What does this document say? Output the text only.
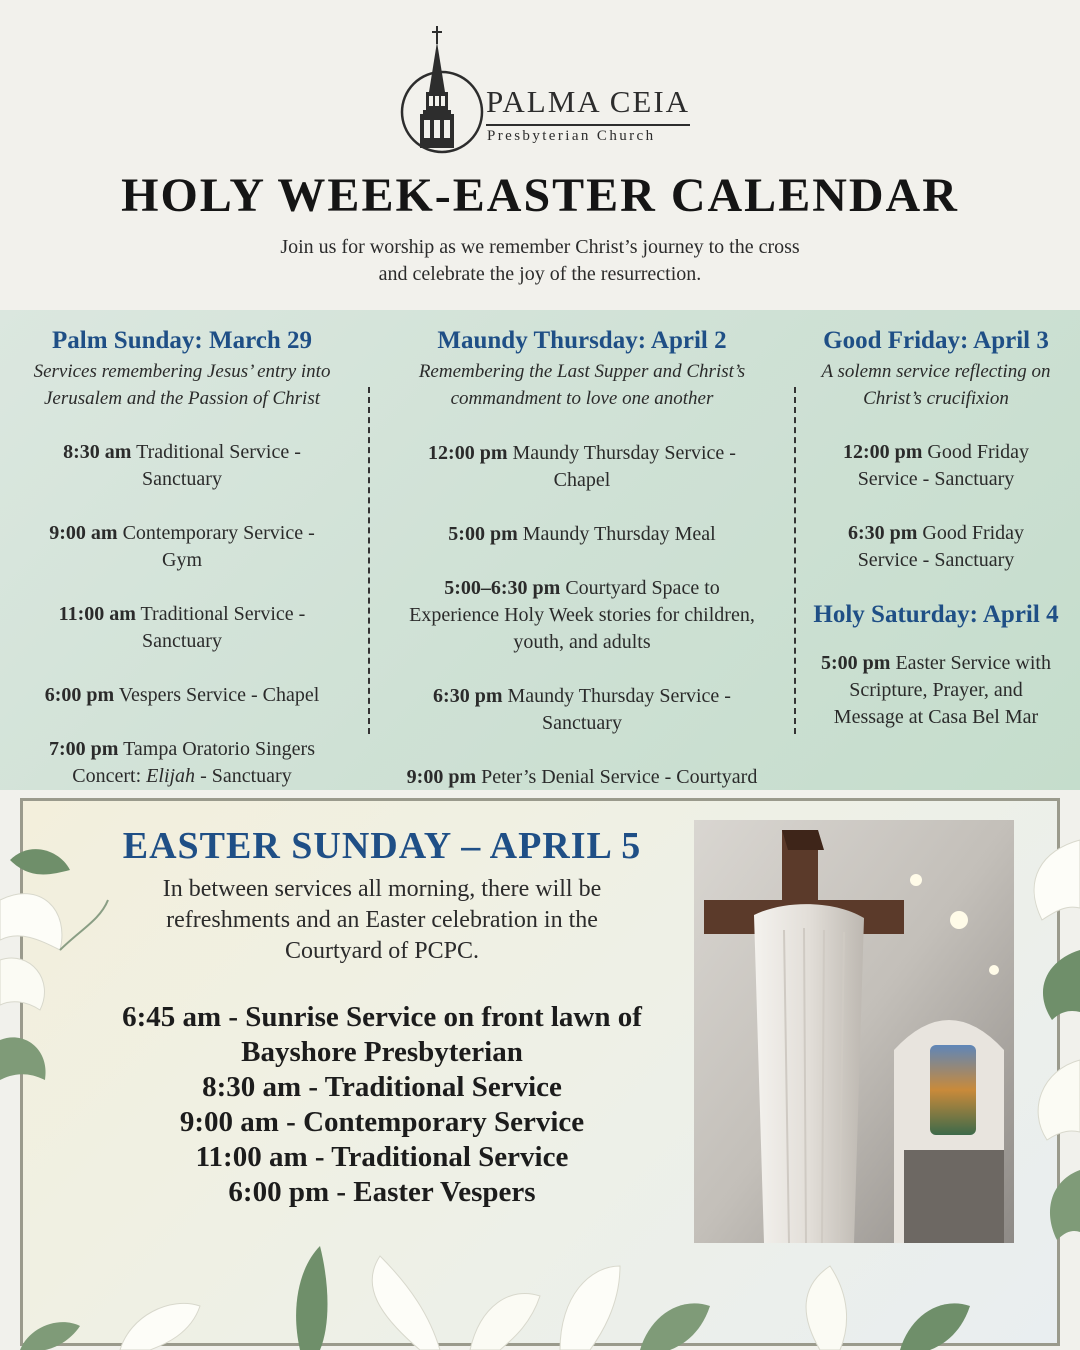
PALMA CEIA
Presbyterian Church
HOLY WEEK-EASTER CALENDAR
Join us for worship as we remember Christ’s journey to the cross
and celebrate the joy of the resurrection.
Palm Sunday: March 29
Services remembering Jesus’ entry into
Jerusalem and the Passion of Christ
8:30 am Traditional Service -
Sanctuary
9:00 am Contemporary Service -
Gym
11:00 am Traditional Service -
Sanctuary
6:00 pm Vespers Service - Chapel
7:00 pm Tampa Oratorio Singers
Concert: Elijah - Sanctuary
Maundy Thursday: April 2
Remembering the Last Supper and Christ’s
commandment to love one another
12:00 pm Maundy Thursday Service -
Chapel
5:00 pm Maundy Thursday Meal
5:00–6:30 pm Courtyard Space to
Experience Holy Week stories for children,
youth, and adults
6:30 pm Maundy Thursday Service -
Sanctuary
9:00 pm Peter’s Denial Service - Courtyard
Good Friday: April 3
A solemn service reflecting on
Christ’s crucifixion
12:00 pm Good Friday
Service - Sanctuary
6:30 pm Good Friday
Service - Sanctuary
Holy Saturday: April 4
5:00 pm Easter Service with
Scripture, Prayer, and
Message at Casa Bel Mar
EASTER SUNDAY – APRIL 5
In between services all morning, there will be
refreshments and an Easter celebration in the
Courtyard of PCPC.
6:45 am - Sunrise Service on front lawn of
Bayshore Presbyterian
8:30 am - Traditional Service
9:00 am - Contemporary Service
11:00 am - Traditional Service
6:00 pm - Easter Vespers
